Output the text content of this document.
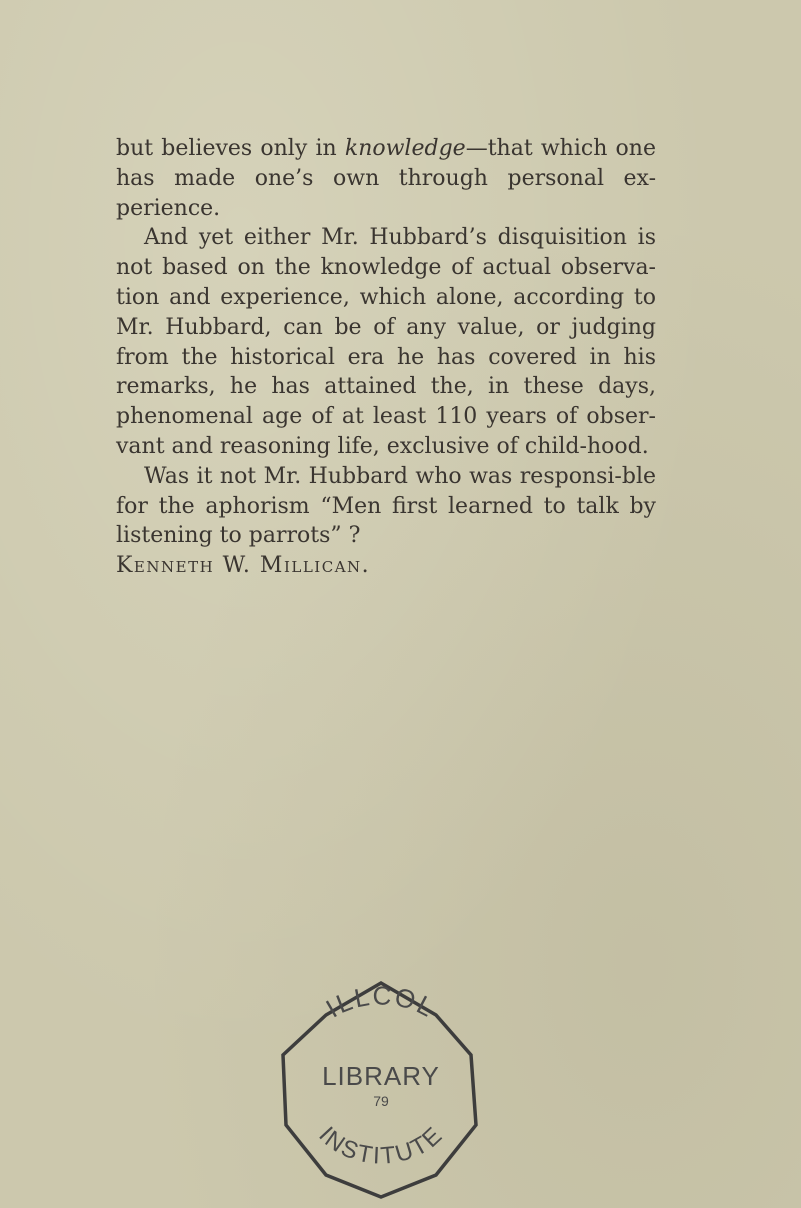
but believes only in knowledge—that which one has made one’s own through personal ex-perience.

And yet either Mr. Hubbard’s disquisition is not based on the knowledge of actual observa-tion and experience, which alone, according to Mr. Hubbard, can be of any value, or judging from the historical era he has covered in his remarks, he has attained the, in these days, phenomenal age of at least 110 years of obser-vant and reasoning life, exclusive of child-hood.

Was it not Mr. Hubbard who was responsi-ble for the aphorism “Men first learned to talk by listening to parrots” ?

Kenneth W. Millican.

ILLCOL
INSTITUTE
LIBRARY
79
